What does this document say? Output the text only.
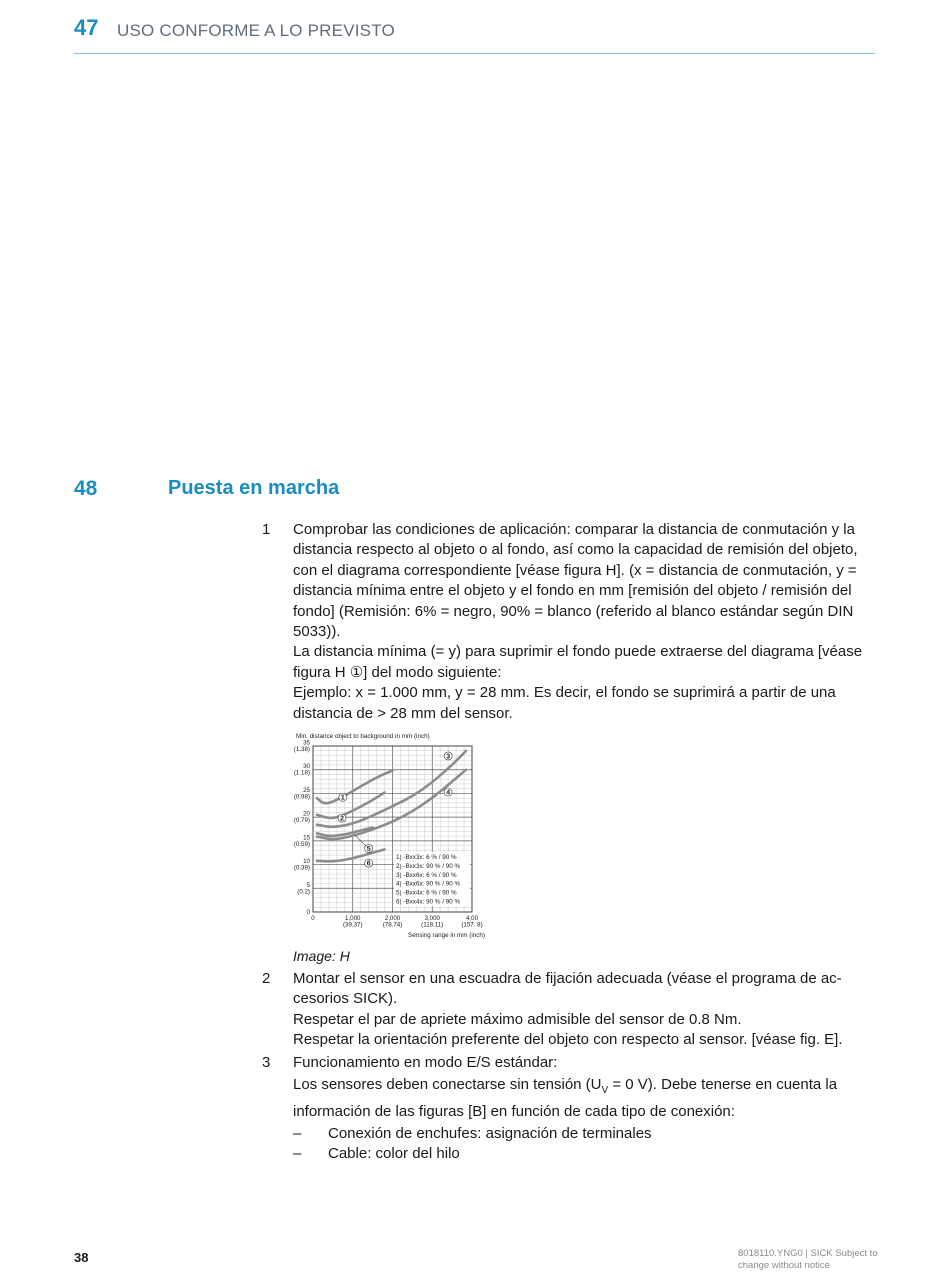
47 USO CONFORME A LO PREVISTO
48	Puesta en marcha
1	Comprobar las condiciones de aplicación: comparar la distancia de conmutación y la distancia respecto al objeto o al fondo, así como la capacidad de remisión del objeto, con el diagrama correspondiente [véase figura H]. (x = distancia de conmutación, y = distancia mínima entre el objeto y el fondo en mm [remisión del objeto / remisión del fondo] (Remisión: 6% = negro, 90% = blanco (referido al blanco estándar según DIN 5033)).

La distancia mínima (= y) para suprimir el fondo puede extraerse del diagrama [véase figura H ①] del modo siguiente:

Ejemplo: x = 1.000 mm, y = 28 mm. Es decir, el fondo se suprimirá a partir de una distancia de > 28 mm del sensor.

Min. distance object to background in mm (inch)
Sensing range in mm (inch)
0
5
(0.2)
10
(0.39)
15
(0.59)
20
(0.79)
25
(0.98)
30
(1.18)
35
(1.38)
0	1,000
(39.37)
2,000
(78.74)
3,000
(118.11)
4,00
(157. 8)
1) -Bxx3x: 6 % / 90 %
2) -Bxx3x: 90 % / 90 %
3) -Bxx6x: 6 % / 90 %
4) -Bxx6x: 90 % / 90 %
5) -Bxx4x: 6 % / 90 %
6) -Bxx4x: 90 % / 90 %
1
2
3
4
5
6
Image: H
2	Montar el sensor en una escuadra de fijación adecuada (véase el programa de accesorios SICK).

Respetar el par de apriete máximo admisible del sensor de 0.8 Nm.

Respetar la orientación preferente del objeto con respecto al sensor. [véase fig. E].

3	Funcionamiento en modo E/S estándar:

Los sensores deben conectarse sin tensión ($U_V = 0$ V). Debe tenerse en cuenta la información de las figuras [B] en función de cada tipo de conexión:

–	Conexión de enchufes: asignación de terminales
–	Cable: color del hilo
38	8018110.YNG0 | SICK Subject to change without notice
